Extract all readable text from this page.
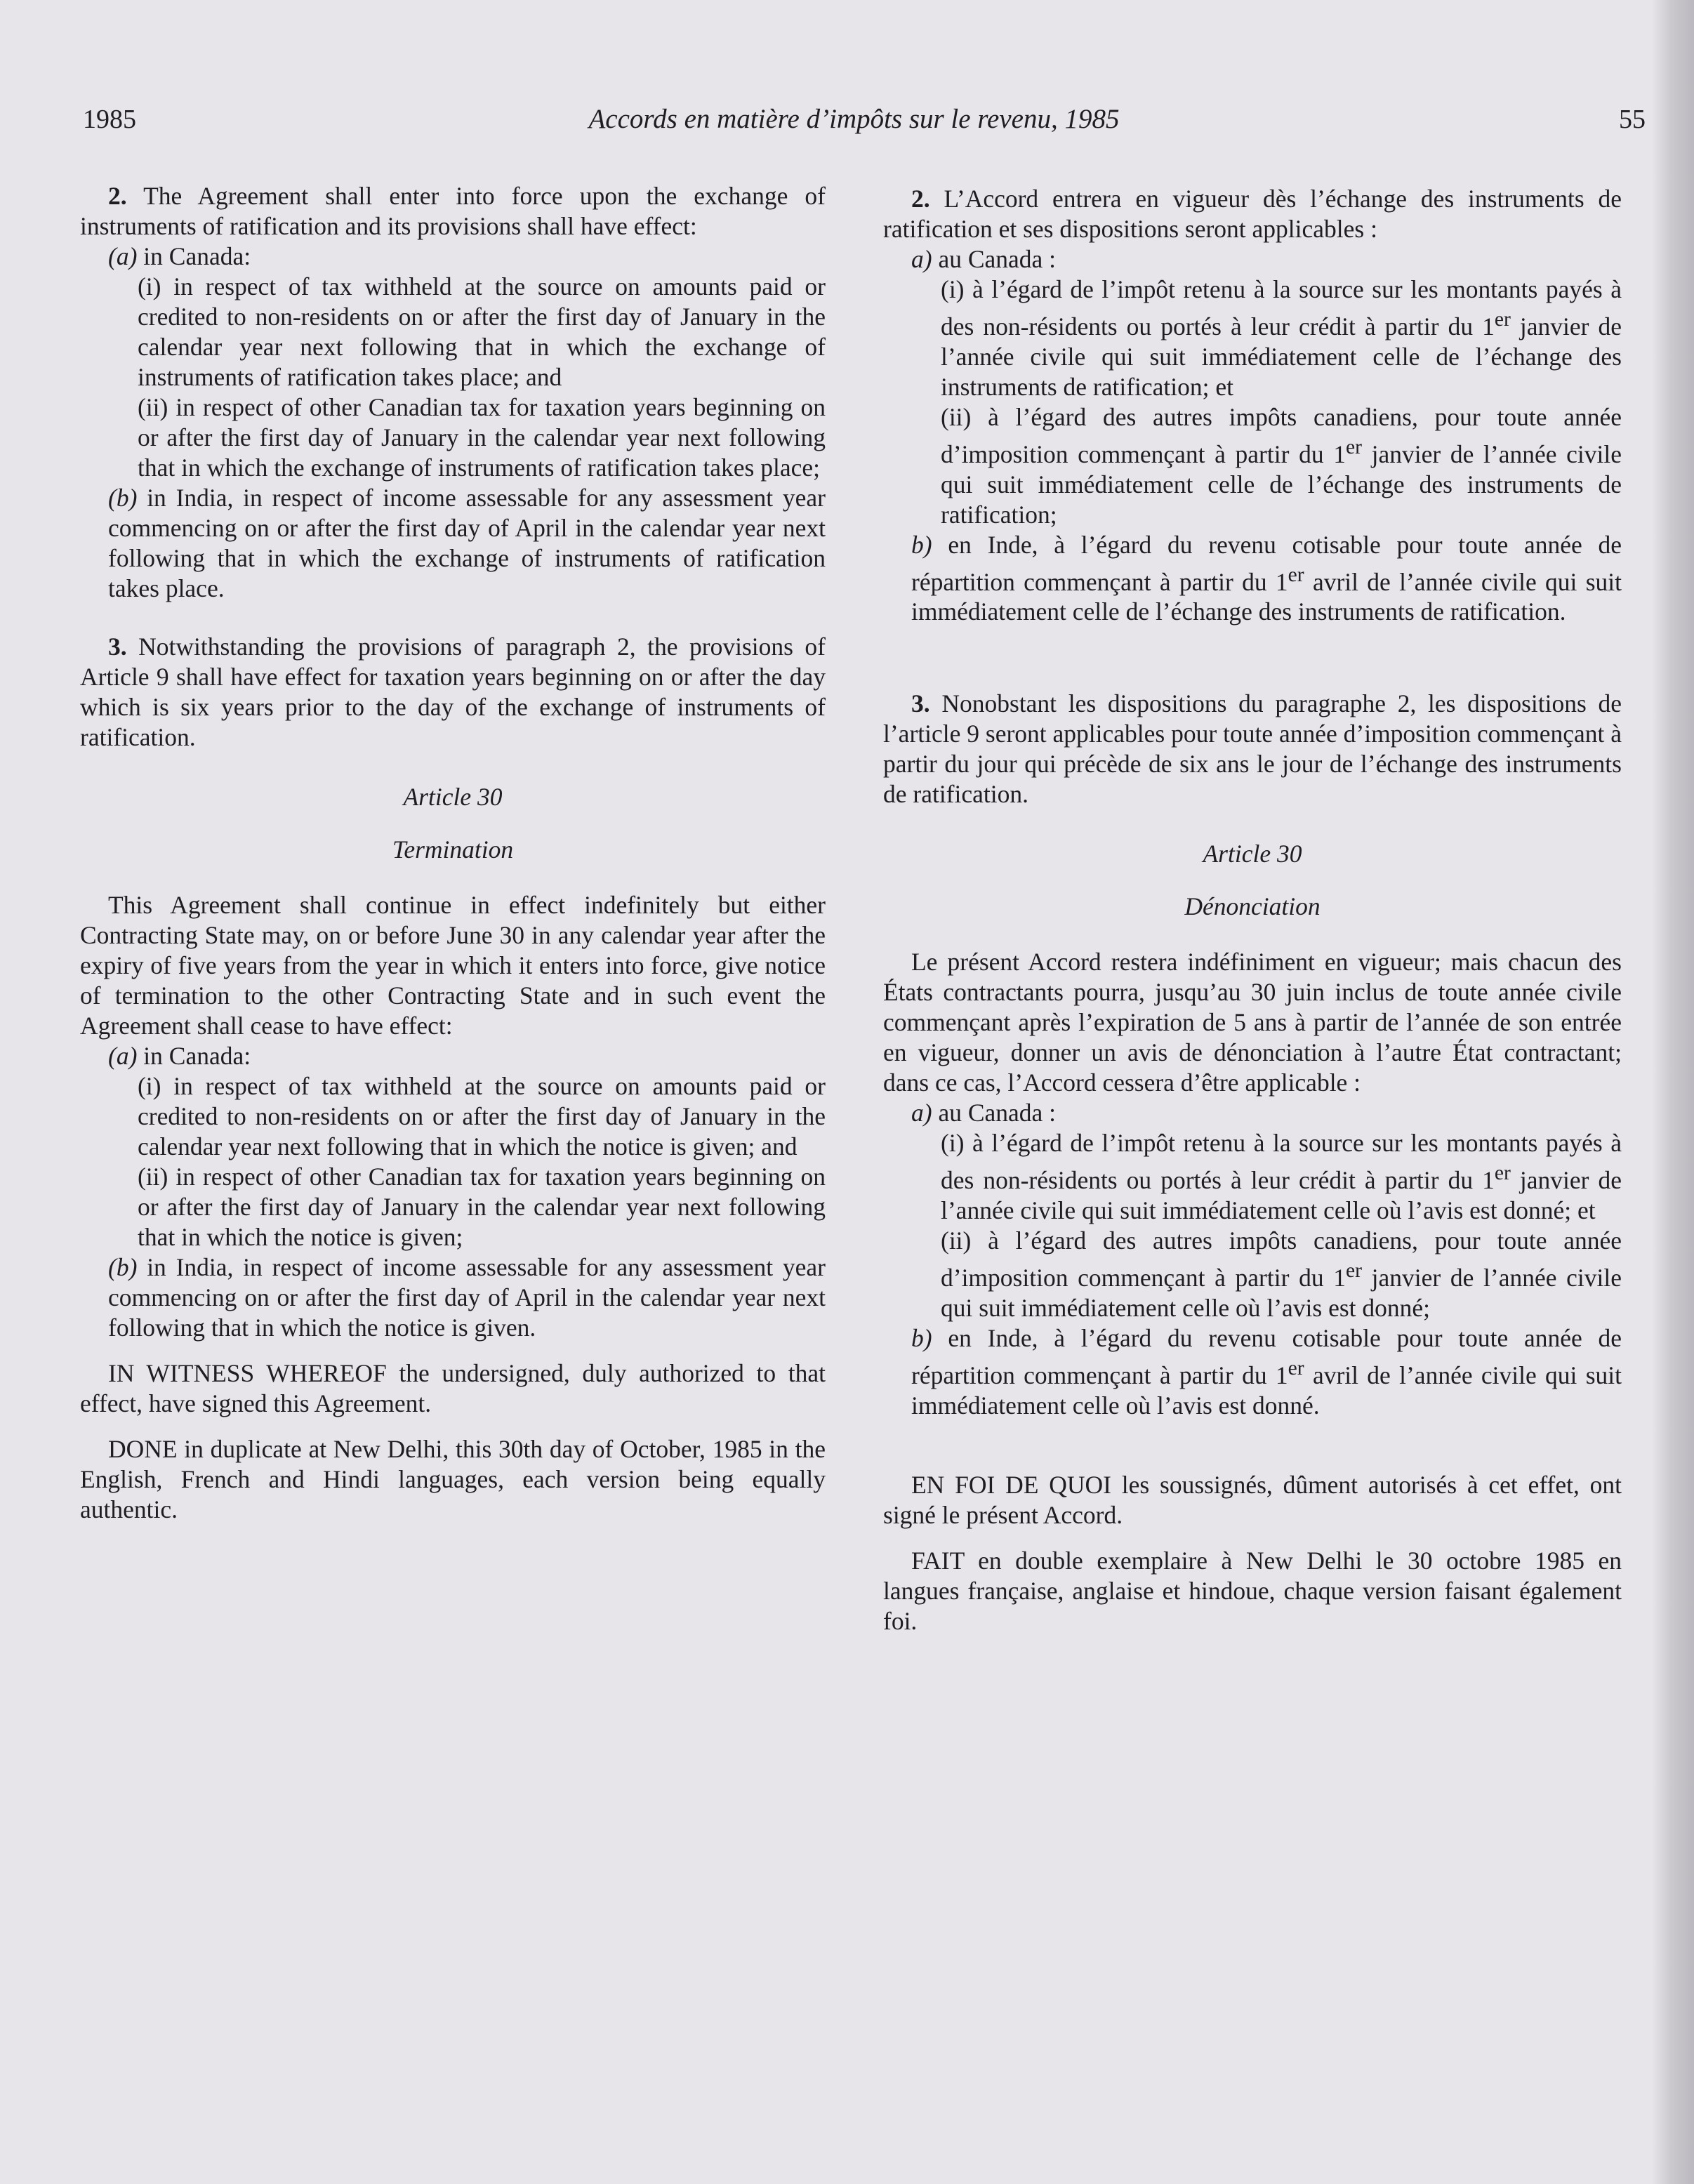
1985	Accords en matière d’impôts sur le revenu, 1985	55

2. The Agreement shall enter into force upon the exchange of instruments of ratification and its provisions shall have effect:

(a) in Canada:

(i) in respect of tax withheld at the source on amounts paid or credited to non-residents on or after the first day of January in the calendar year next following that in which the exchange of instruments of ratification takes place; and

(ii) in respect of other Canadian tax for taxation years beginning on or after the first day of January in the calendar year next following that in which the exchange of instruments of ratification takes place;

(b) in India, in respect of income assessable for any assessment year commencing on or after the first day of April in the calendar year next following that in which the exchange of instruments of ratification takes place.

3. Notwithstanding the provisions of paragraph 2, the provisions of Article 9 shall have effect for taxation years beginning on or after the day which is six years prior to the day of the exchange of instruments of ratification.

Article 30

Termination

This Agreement shall continue in effect indefinitely but either Contracting State may, on or before June 30 in any calendar year after the expiry of five years from the year in which it enters into force, give notice of termination to the other Contracting State and in such event the Agreement shall cease to have effect:

(a) in Canada:

(i) in respect of tax withheld at the source on amounts paid or credited to non-residents on or after the first day of January in the calendar year next following that in which the notice is given; and

(ii) in respect of other Canadian tax for taxation years beginning on or after the first day of January in the calendar year next following that in which the notice is given;

(b) in India, in respect of income assessable for any assessment year commencing on or after the first day of April in the calendar year next following that in which the notice is given.

IN WITNESS WHEREOF the undersigned, duly authorized to that effect, have signed this Agreement.

DONE in duplicate at New Delhi, this 30th day of October, 1985 in the English, French and Hindi languages, each version being equally authentic.

2. L’Accord entrera en vigueur dès l’échange des instruments de ratification et ses dispositions seront applicables :

a) au Canada :

(i) à l’égard de l’impôt retenu à la source sur les montants payés à des non-résidents ou portés à leur crédit à partir du 1er janvier de l’année civile qui suit immédiatement celle de l’échange des instruments de ratification; et

(ii) à l’égard des autres impôts canadiens, pour toute année d’imposition commençant à partir du 1er janvier de l’année civile qui suit immédiatement celle de l’échange des instruments de ratification;

b) en Inde, à l’égard du revenu cotisable pour toute année de répartition commençant à partir du 1er avril de l’année civile qui suit immédiatement celle de l’échange des instruments de ratification.

3. Nonobstant les dispositions du paragraphe 2, les dispositions de l’article 9 seront applicables pour toute année d’imposition commençant à partir du jour qui précède de six ans le jour de l’échange des instruments de ratification.

Article 30

Dénonciation

Le présent Accord restera indéfiniment en vigueur; mais chacun des États contractants pourra, jusqu’au 30 juin inclus de toute année civile commençant après l’expiration de 5 ans à partir de l’année de son entrée en vigueur, donner un avis de dénonciation à l’autre État contractant; dans ce cas, l’Accord cessera d’être applicable :

a) au Canada :

(i) à l’égard de l’impôt retenu à la source sur les montants payés à des non-résidents ou portés à leur crédit à partir du 1er janvier de l’année civile qui suit immédiatement celle où l’avis est donné; et

(ii) à l’égard des autres impôts canadiens, pour toute année d’imposition commençant à partir du 1er janvier de l’année civile qui suit immédiatement celle où l’avis est donné;

b) en Inde, à l’égard du revenu cotisable pour toute année de répartition commençant à partir du 1er avril de l’année civile qui suit immédiatement celle où l’avis est donné.

EN FOI DE QUOI les soussignés, dûment autorisés à cet effet, ont signé le présent Accord.

FAIT en double exemplaire à New Delhi le 30 octobre 1985 en langues française, anglaise et hindoue, chaque version faisant également foi.
